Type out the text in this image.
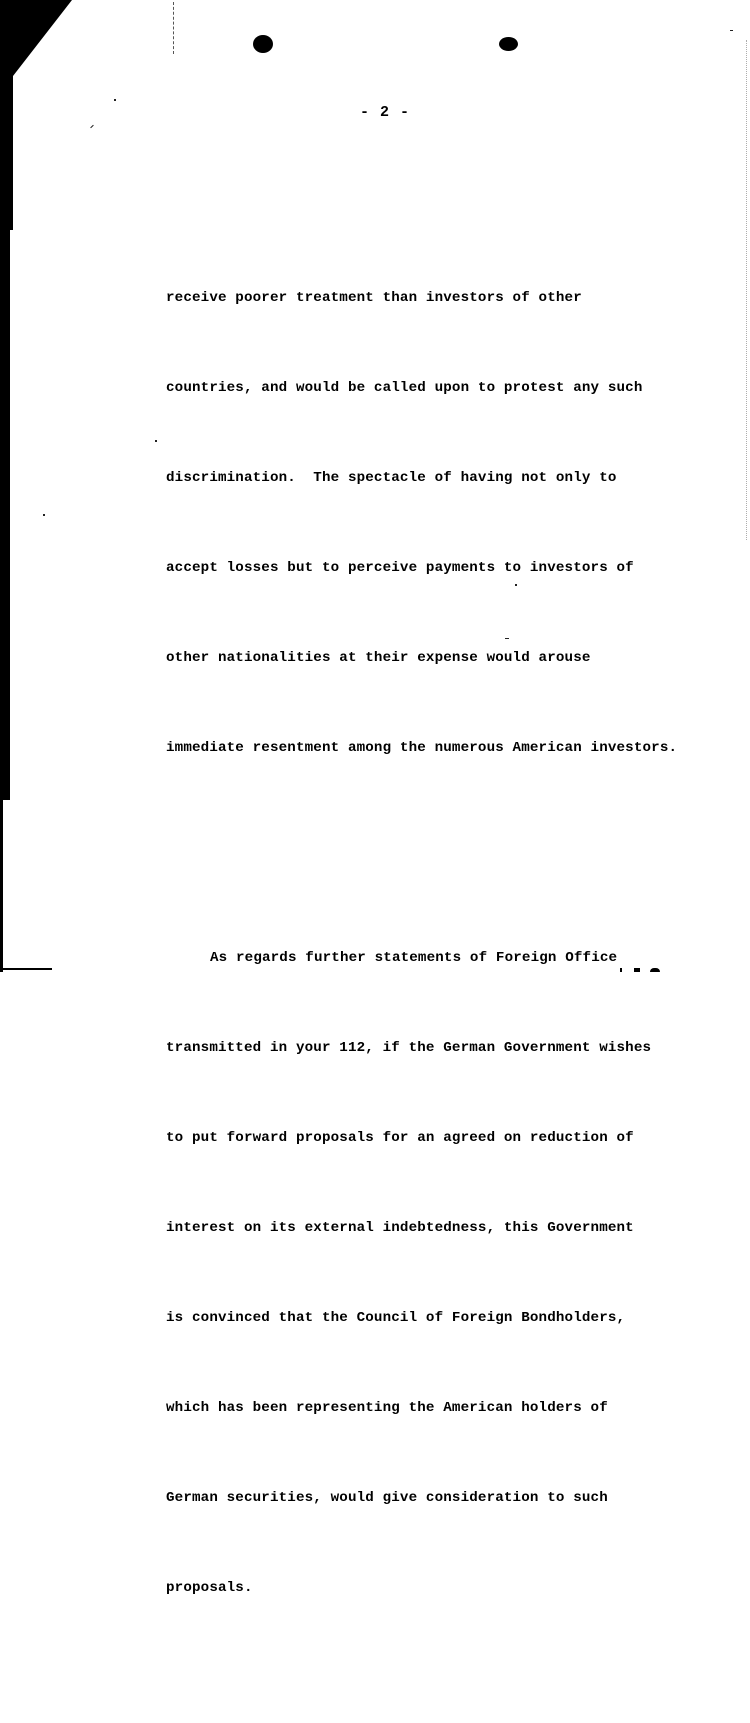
- 2 -

receive poorer treatment than investors of other

countries, and would be called upon to protest any such

discrimination.  The spectacle of having not only to

accept losses but to perceive payments to investors of

other nationalities at their expense would arouse

immediate resentment among the numerous American investors.

As regards further statements of Foreign Office

transmitted in your 112, if the German Government wishes

to put forward proposals for an agreed on reduction of

interest on its external indebtedness, this Government

is convinced that the Council of Foreign Bondholders,

which has been representing the American holders of

German securities, would give consideration to such

proposals.
